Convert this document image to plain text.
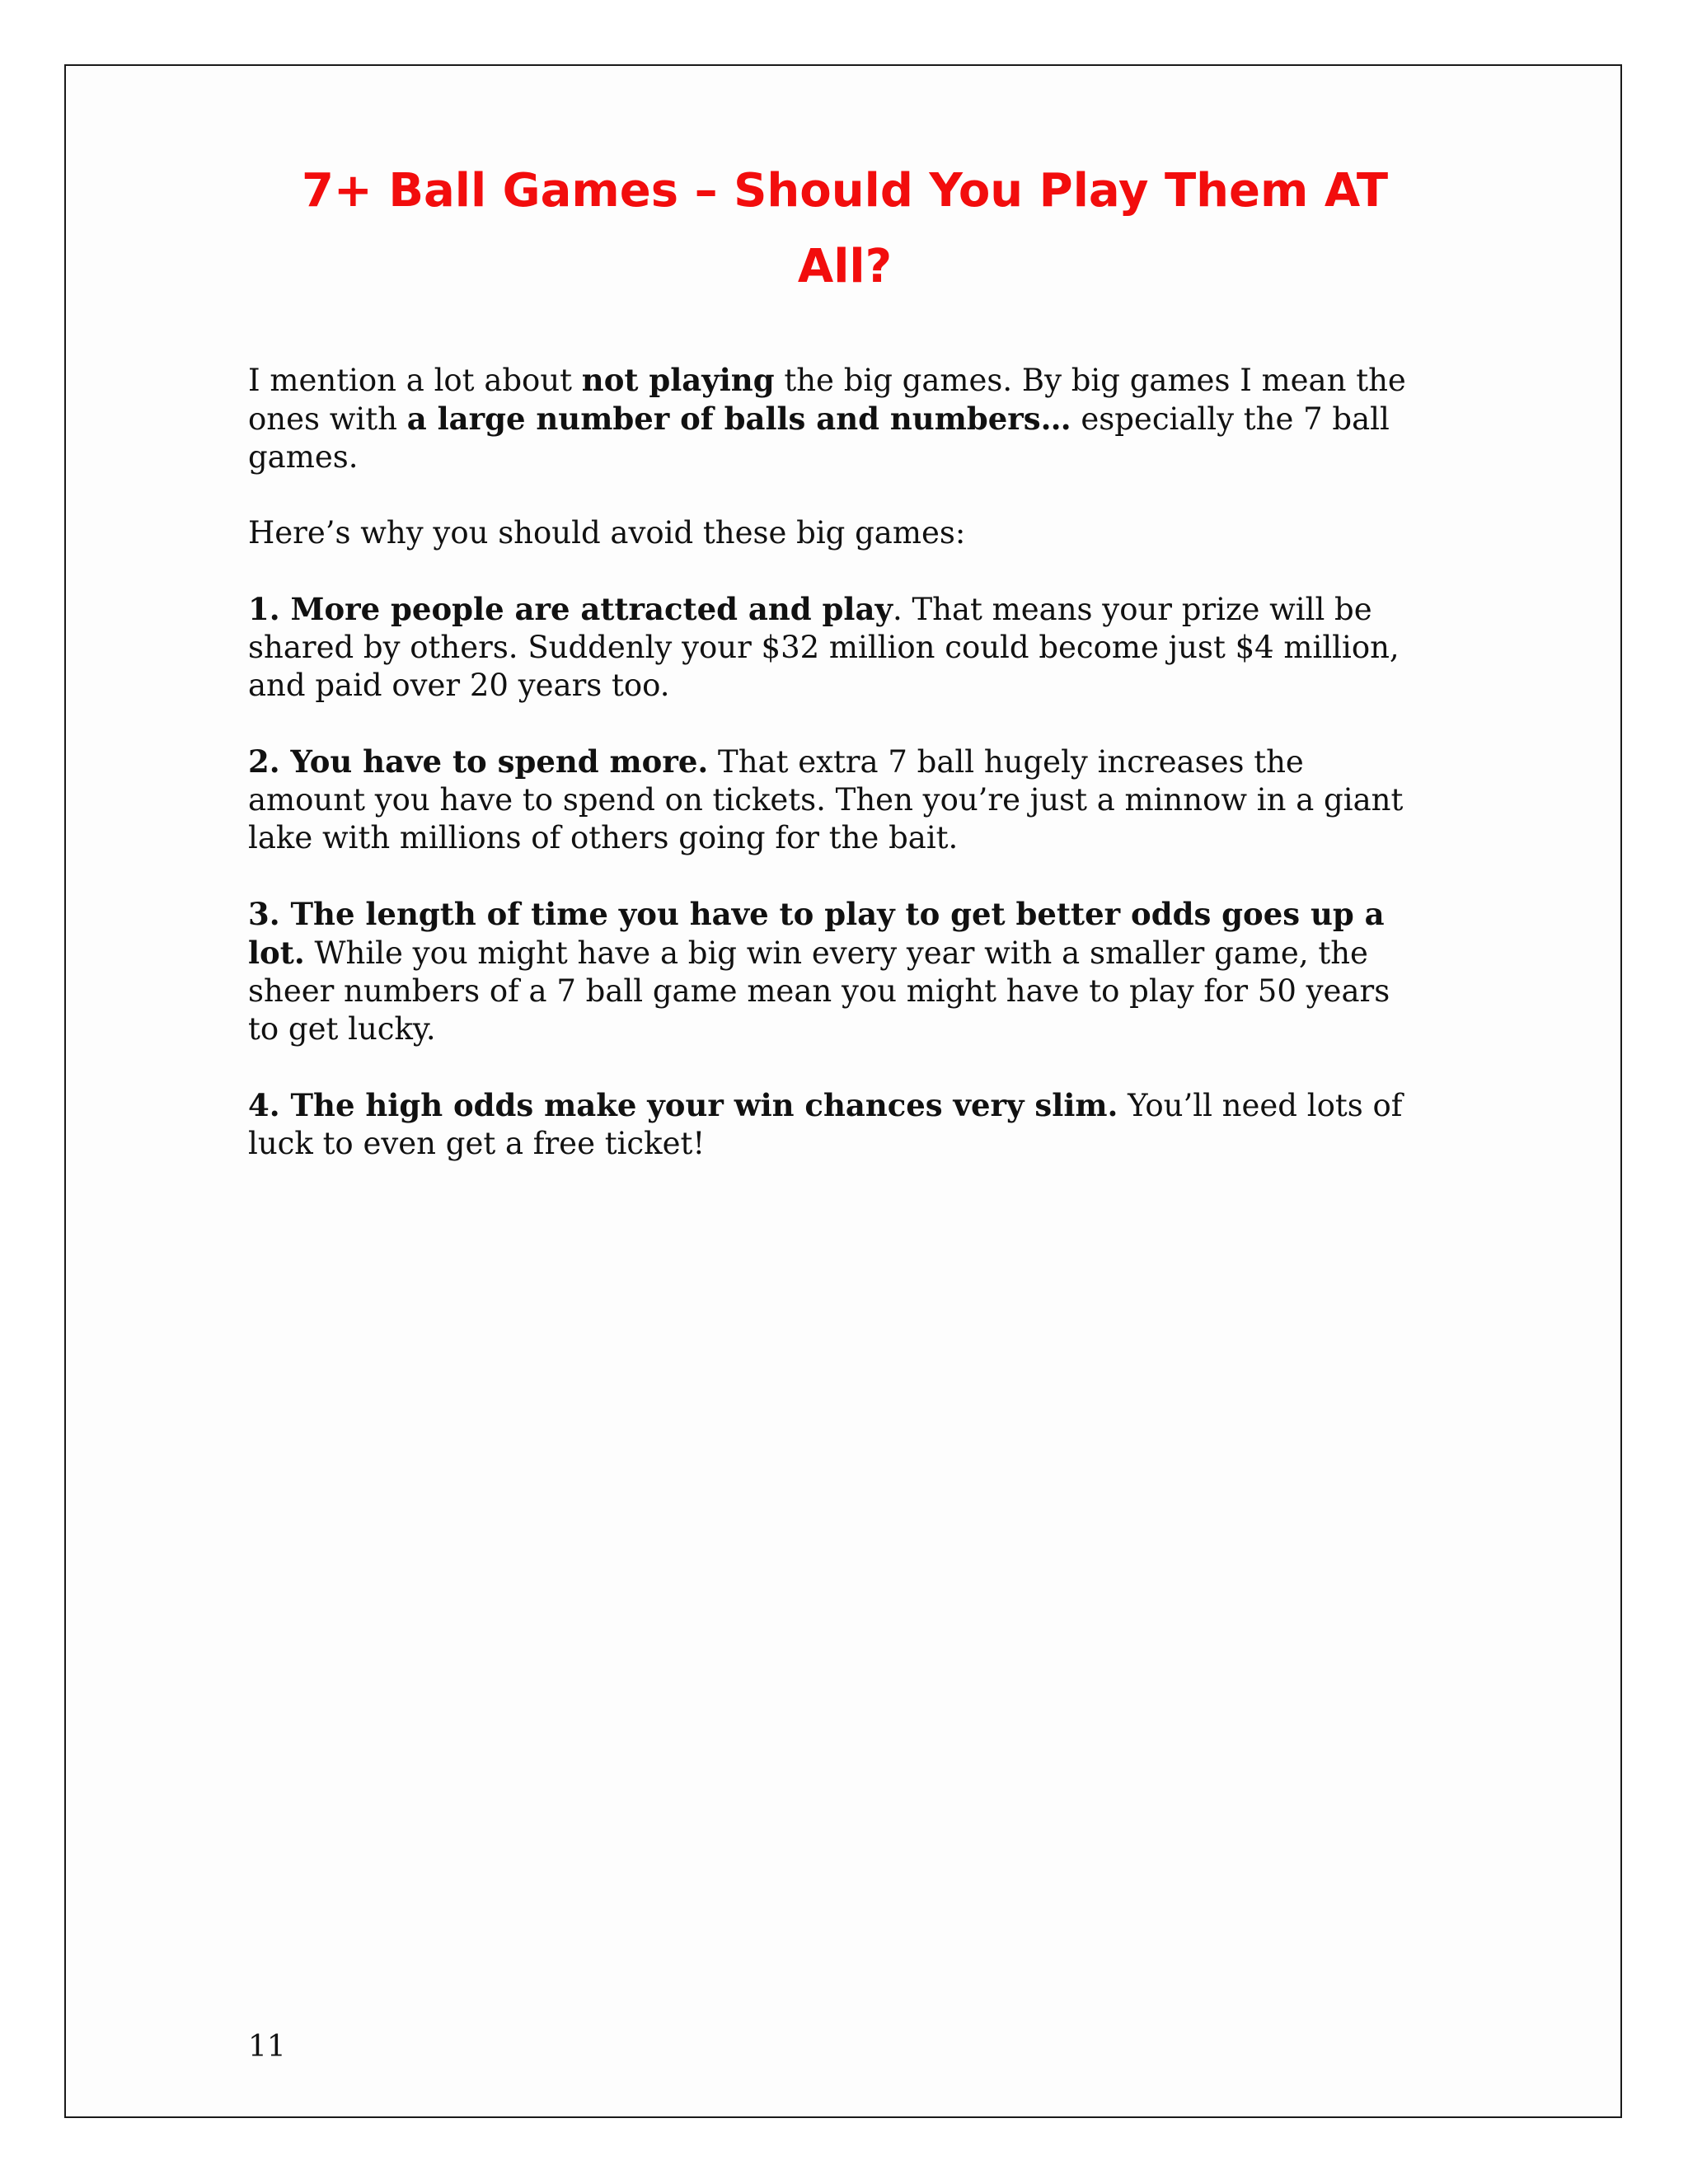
7+ Ball Games – Should You Play Them AT All?

I mention a lot about not playing the big games. By big games I mean the ones with a large number of balls and numbers… especially the 7 ball games.

Here’s why you should avoid these big games:

1. More people are attracted and play. That means your prize will be shared by others. Suddenly your $32 million could become just $4 million, and paid over 20 years too.

2. You have to spend more. That extra 7 ball hugely increases the amount you have to spend on tickets. Then you’re just a minnow in a giant lake with millions of others going for the bait.

3. The length of time you have to play to get better odds goes up a lot. While you might have a big win every year with a smaller game, the sheer numbers of a 7 ball game mean you might have to play for 50 years to get lucky.

4. The high odds make your win chances very slim. You’ll need lots of luck to even get a free ticket!

11
